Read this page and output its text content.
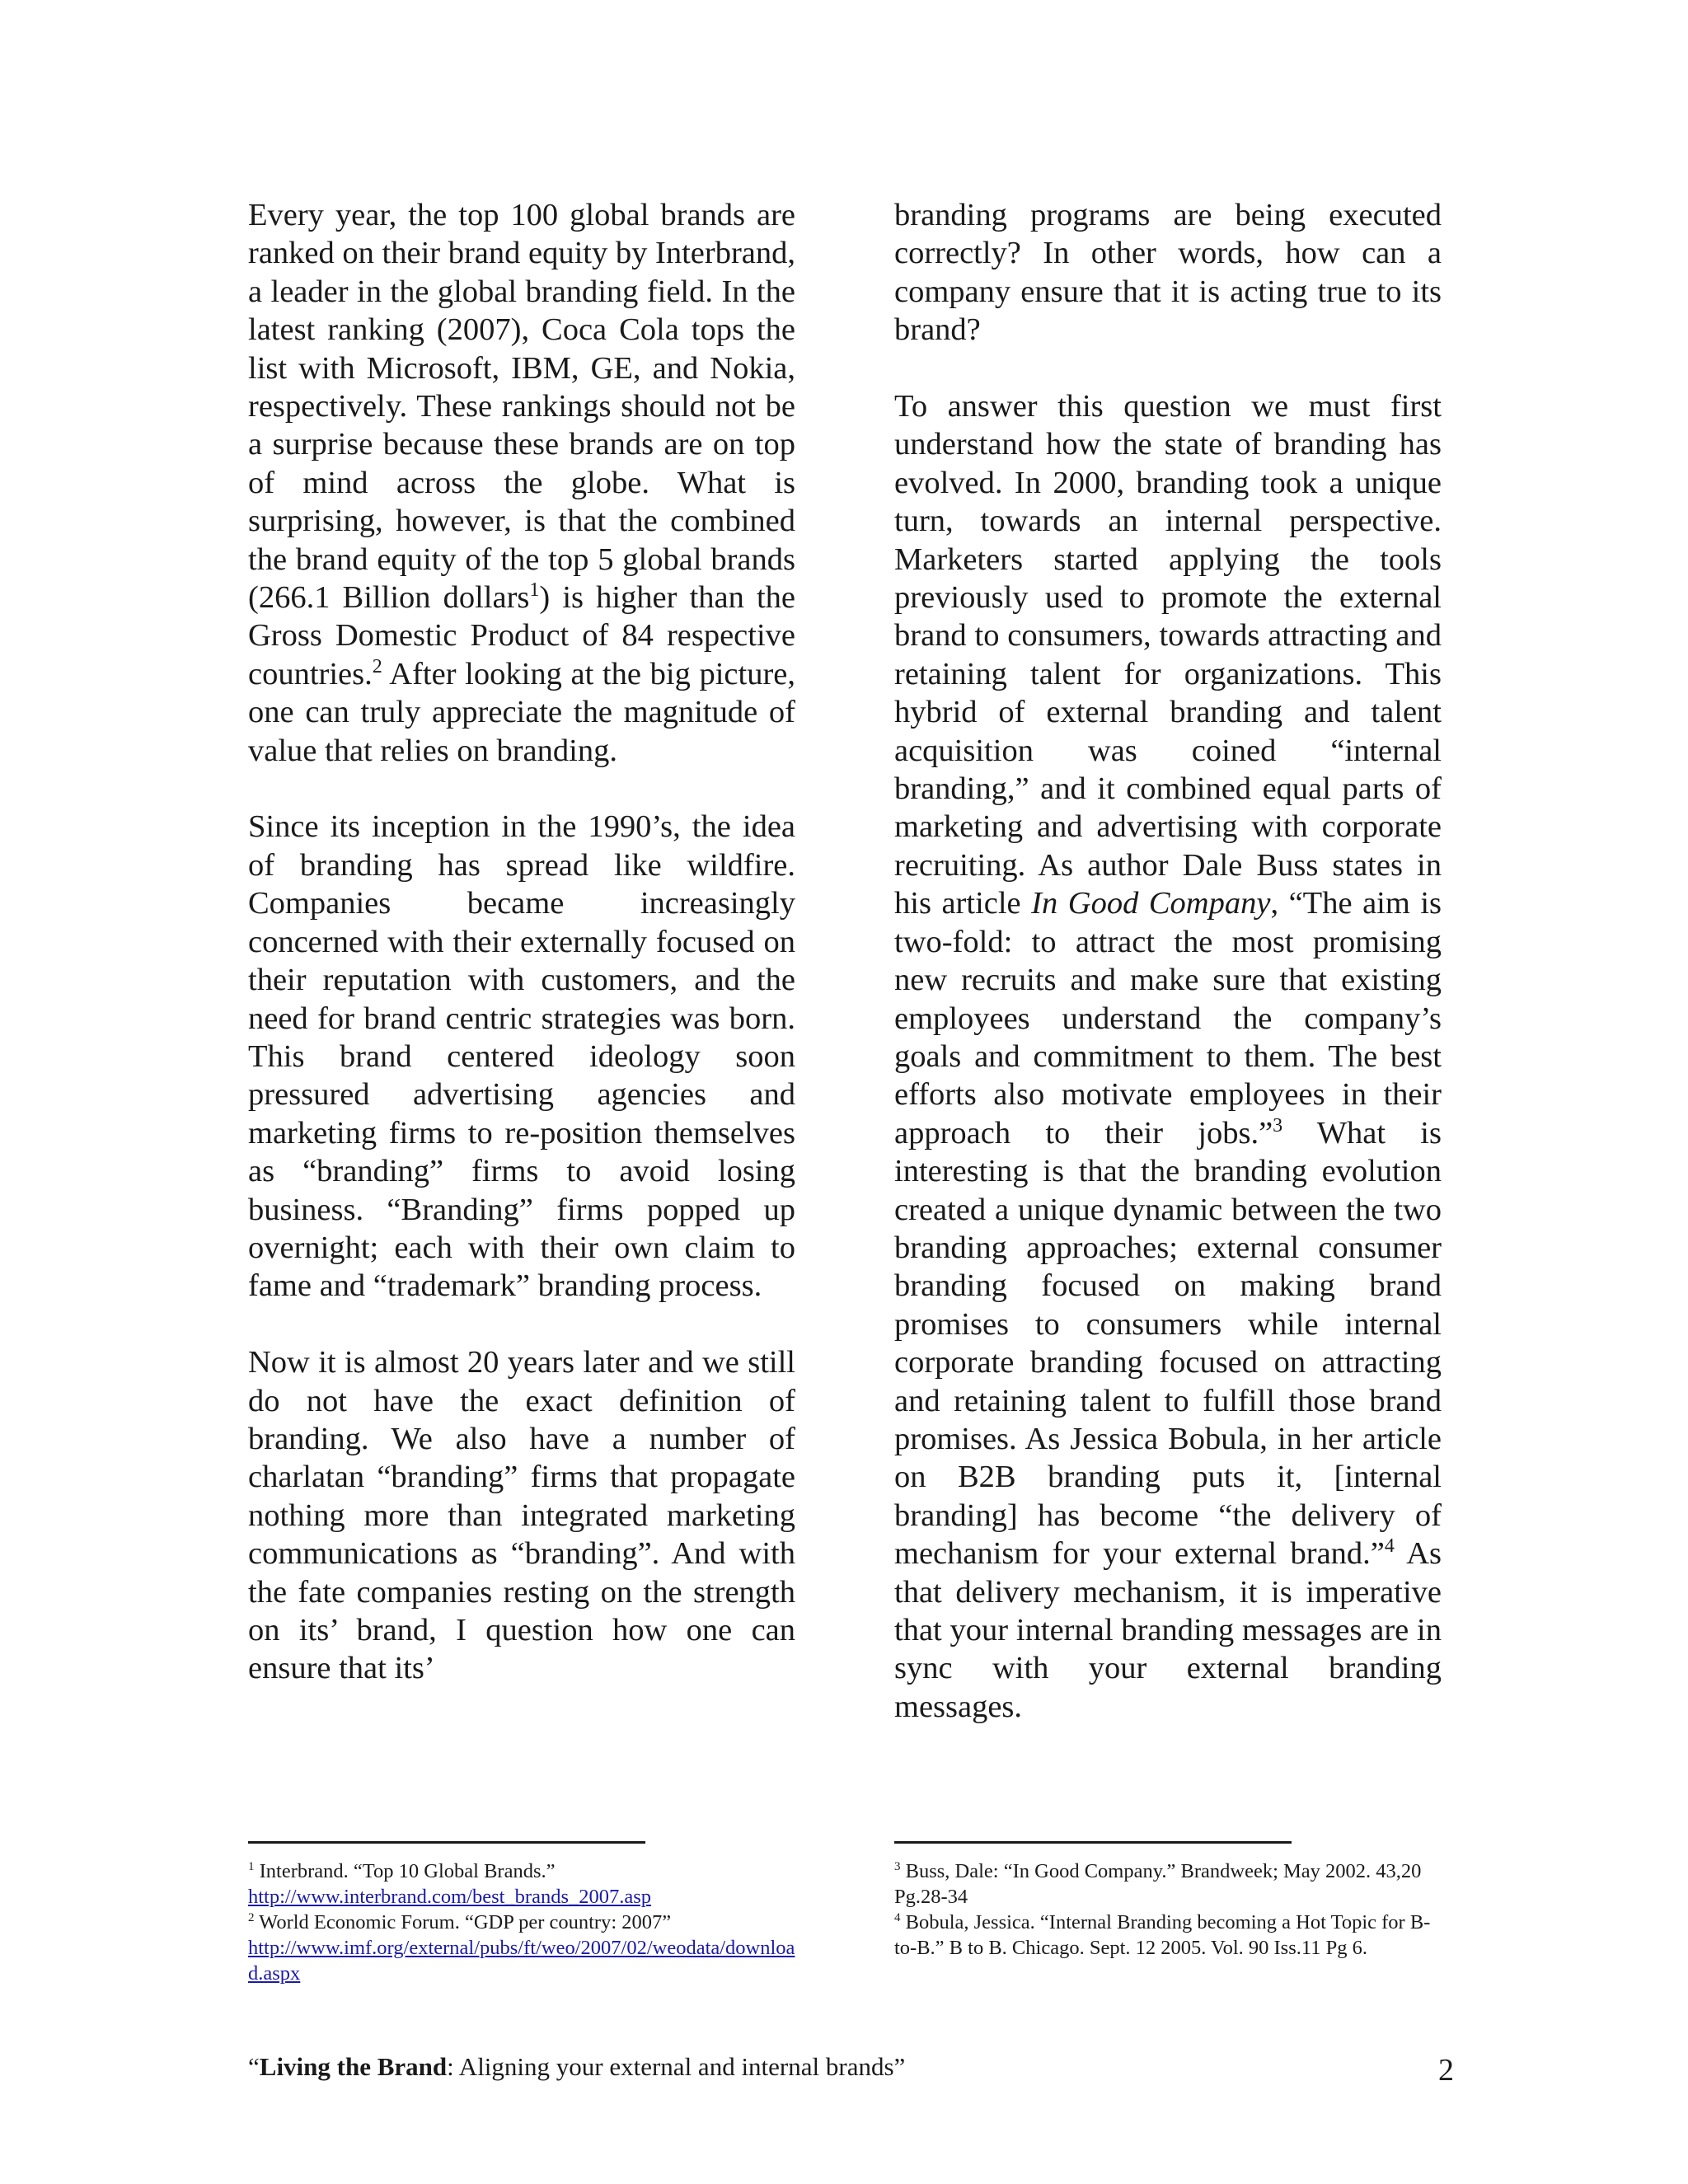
Every year, the top 100 global brands are ranked on their brand equity by Interbrand, a leader in the global branding field. In the latest ranking (2007), Coca Cola tops the list with Microsoft, IBM, GE, and Nokia, respectively. These rankings should not be a surprise because these brands are on top of mind across the globe. What is surprising, however, is that the combined the brand equity of the top 5 global brands (266.1 Billion dollars$^1$) is higher than the Gross Domestic Product of 84 respective countries.$^2$ After looking at the big picture, one can truly appreciate the magnitude of value that relies on branding.

Since its inception in the 1990’s, the idea of branding has spread like wildfire. Companies became increasingly concerned with their externally focused on their reputation with customers, and the need for brand centric strategies was born. This brand centered ideology soon pressured advertising agencies and marketing firms to re-position themselves as “branding” firms to avoid losing business. “Branding” firms popped up overnight; each with their own claim to fame and “trademark” branding process.

Now it is almost 20 years later and we still do not have the exact definition of branding. We also have a number of charlatan “branding” firms that propagate nothing more than integrated marketing communications as “branding”. And with the fate companies resting on the strength on its’ brand, I question how one can ensure that its’

branding programs are being executed correctly? In other words, how can a company ensure that it is acting true to its brand?

To answer this question we must first understand how the state of branding has evolved. In 2000, branding took a unique turn, towards an internal perspective. Marketers started applying the tools previously used to promote the external brand to consumers, towards attracting and retaining talent for organizations. This hybrid of external branding and talent acquisition was coined “internal branding,” and it combined equal parts of marketing and advertising with corporate recruiting. As author Dale Buss states in his article In Good Company, “The aim is two-fold: to attract the most promising new recruits and make sure that existing employees understand the company’s goals and commitment to them. The best efforts also motivate employees in their approach to their jobs.”$^3$ What is interesting is that the branding evolution created a unique dynamic between the two branding approaches; external consumer branding focused on making brand promises to consumers while internal corporate branding focused on attracting and retaining talent to fulfill those brand promises. As Jessica Bobula, in her article on B2B branding puts it, [internal branding] has become “the delivery of mechanism for your external brand.”$^4$ As that delivery mechanism, it is imperative that your internal branding messages are in sync with your external branding messages.

$^1$ Interbrand. “Top 10 Global Brands.”

http://www.interbrand.com/best_brands_2007.asp

$^2$ World Economic Forum. “GDP per country: 2007”

http://www.imf.org/external/pubs/ft/weo/2007/02/weodata/download.aspx

$^3$ Buss, Dale: “In Good Company.” Brandweek; May 2002. 43,20 Pg.28-34

$^4$ Bobula, Jessica. “Internal Branding becoming a Hot Topic for B-to-B.” B to B. Chicago. Sept. 12 2005. Vol. 90 Iss.11 Pg 6.

“Living the Brand: Aligning your external and internal brands”	2
